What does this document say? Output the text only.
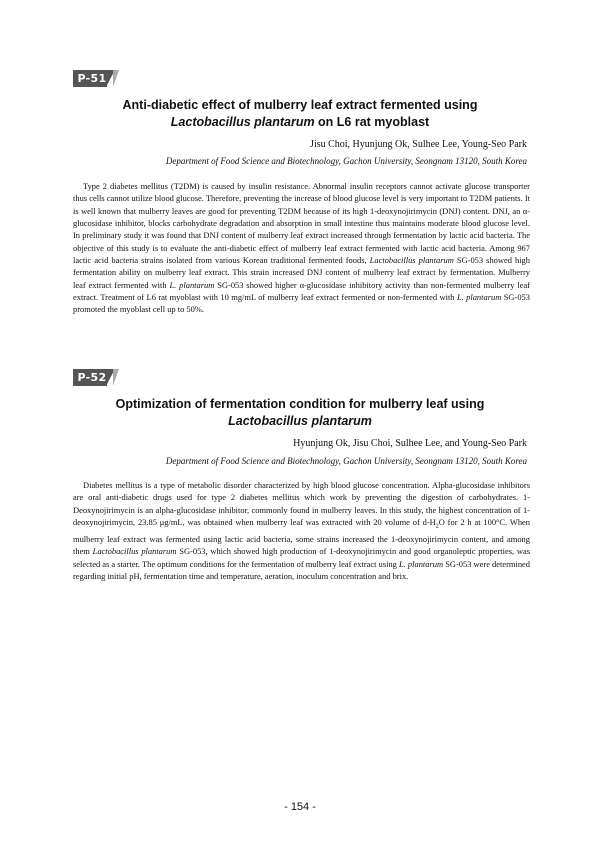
P-51
Anti-diabetic effect of mulberry leaf extract fermented using
Lactobacillus plantarum on L6 rat myoblast
Jisu Choi, Hyunjung Ok, Sulhee Lee, Young-Seo Park
Department of Food Science and Biotechnology, Gachon University, Seongnam 13120, South Korea

Type 2 diabetes mellitus (T2DM) is caused by insulin resistance. Abnormal insulin receptors cannot activate glucose transporter thus cells cannot utilize blood glucose. Therefore, preventing the increase of blood glucose level is very important to T2DM patients. It is well known that mulberry leaves are good for preventing T2DM because of its high 1-deoxynojirimycin (DNJ) content. DNJ, an α-glucosidase inhibitor, blocks carbohydrate degradation and absorption in small intestine thus maintains moderate blood glucose level. In preliminary study it was found that DNJ content of mulberry leaf extract increased through fermentation by lactic acid bacteria. The objective of this study is to evaluate the anti-diabetic effect of mulberry leaf extract fermented with lactic acid bacteria. Among 967 lactic acid bacteria strains isolated from various Korean traditional fermented foods, Lactobacillus plantarum SG-053 showed high fermentation ability on mulberry leaf extract. This strain increased DNJ content of mulberry leaf extract by fermentation. Mulberry leaf extract fermented with L. plantarum SG-053 showed higher α-glucosidase inhibitory activity than non-fermented mulberry leaf extract. Treatment of L6 rat myoblast with 10 mg/mL of mulberry leaf extract fermented or non-fermented with L. plantarum SG-053 promoted the myoblast cell up to 50%.

P-52
Optimization of fermentation condition for mulberry leaf using
Lactobacillus plantarum
Hyunjung Ok, Jisu Choi, Sulhee Lee, and Young-Seo Park
Department of Food Science and Biotechnology, Gachon University, Seongnam 13120, South Korea

Diabetes mellitus is a type of metabolic disorder characterized by high blood glucose concentration. Alpha-glucosidase inhibitors are oral anti-diabetic drugs used for type 2 diabetes mellitus which work by preventing the digestion of carbohydrates. 1-Deoxynojirimycin is an alpha-glucosidase inhibitor, commonly found in mulberry leaves. In this study, the highest concentration of 1-deoxynojirimycin, 23.85 μg/mL, was obtained when mulberry leaf was extracted with 20 volume of $d-H_2O$ for 2 h at 100°C. When mulberry leaf extract was fermented using lactic acid bacteria, some strains increased the 1-deoxynojirimycin content, and among them Lactobacillus plantarum SG-053, which showed high production of 1-deoxynojirimycin and good organoleptic properties, was selected as a starter. The optimum conditions for the fermentation of mulberry leaf extract using L. plantarum SG-053 were determined regarding initial pH, fermentation time and temperature, aeration, inoculum concentration and brix.

- 154 -
